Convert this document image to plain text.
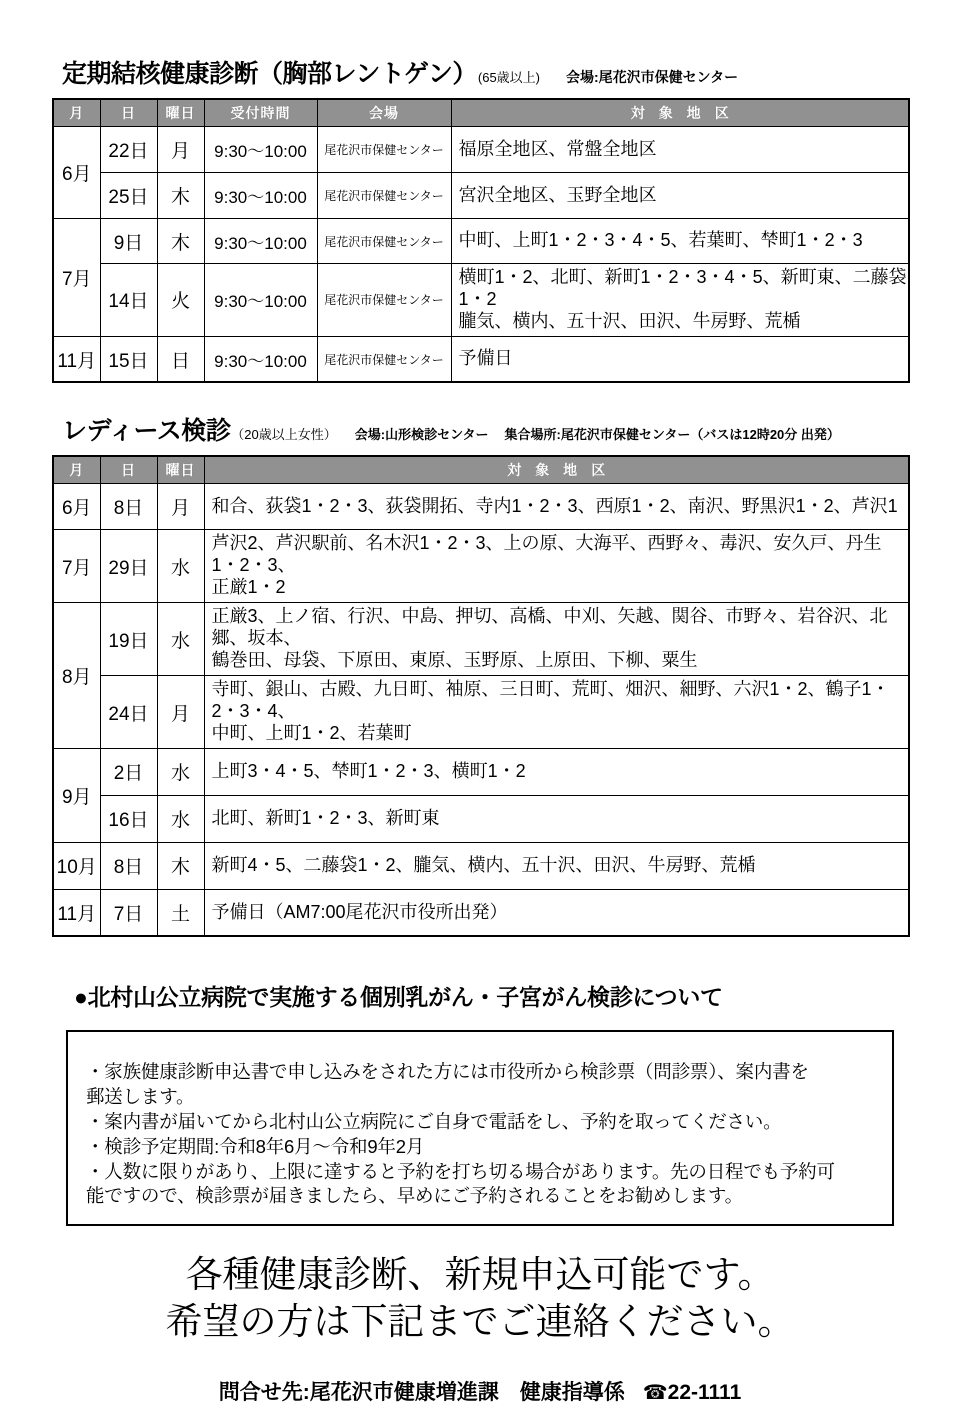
定期結核健康診断（胸部レントゲン） (65歳以上) 会場:尾花沢市保健センター
月	日	曜日	受付時間	会場	対 象 地 区
6月	22日	月	9:30〜10:00	尾花沢市保健センター	福原全地区、常盤全地区
	25日	木	9:30〜10:00	尾花沢市保健センター	宮沢全地区、玉野全地区
7月	9日	木	9:30〜10:00	尾花沢市保健センター	中町、上町1・2・3・4・5、若葉町、梺町1・2・3
	14日	火	9:30〜10:00	尾花沢市保健センター	横町1・2、北町、新町1・2・3・4・5、新町東、二藤袋1・2
朧気、横内、五十沢、田沢、牛房野、荒楯
11月	15日	日	9:30〜10:00	尾花沢市保健センター	予備日
レディース検診 （20歳以上女性） 会場:山形検診センター 集合場所:尾花沢市保健センター（バスは12時20分 出発）
月	日	曜日	対 象 地 区
6月	8日	月	和合、荻袋1・2・3、荻袋開拓、寺内1・2・3、西原1・2、南沢、野黒沢1・2、芦沢1
7月	29日	水	芦沢2、芦沢駅前、名木沢1・2・3、上の原、大海平、西野々、毒沢、安久戸、丹生1・2・3、
正厳1・2
8月	19日	水	正厳3、上ノ宿、行沢、中島、押切、高橋、中刈、矢越、関谷、市野々、岩谷沢、北郷、坂本、
鶴巻田、母袋、下原田、東原、玉野原、上原田、下柳、粟生
	24日	月	寺町、銀山、古殿、九日町、袖原、三日町、荒町、畑沢、細野、六沢1・2、鶴子1・2・3・4、
中町、上町1・2、若葉町
9月	2日	水	上町3・4・5、梺町1・2・3、横町1・2
	16日	水	北町、新町1・2・3、新町東
10月	8日	木	新町4・5、二藤袋1・2、朧気、横内、五十沢、田沢、牛房野、荒楯
11月	7日	土	予備日（AM7:00尾花沢市役所出発）
●北村山公立病院で実施する個別乳がん・子宮がん検診について
・家族健康診断申込書で申し込みをされた方には市役所から検診票（問診票）、案内書を
郵送します。
・案内書が届いてから北村山公立病院にご自身で電話をし、予約を取ってください。
・検診予定期間:令和8年6月〜令和9年2月
・人数に限りがあり、上限に達すると予約を打ち切る場合があります。先の日程でも予約可
能ですので、検診票が届きましたら、早めにご予約されることをお勧めします。
各種健康診断、新規申込可能です。
希望の方は下記までご連絡ください。
問合せ先:尾花沢市健康増進課　健康指導係 ☎22-1111
